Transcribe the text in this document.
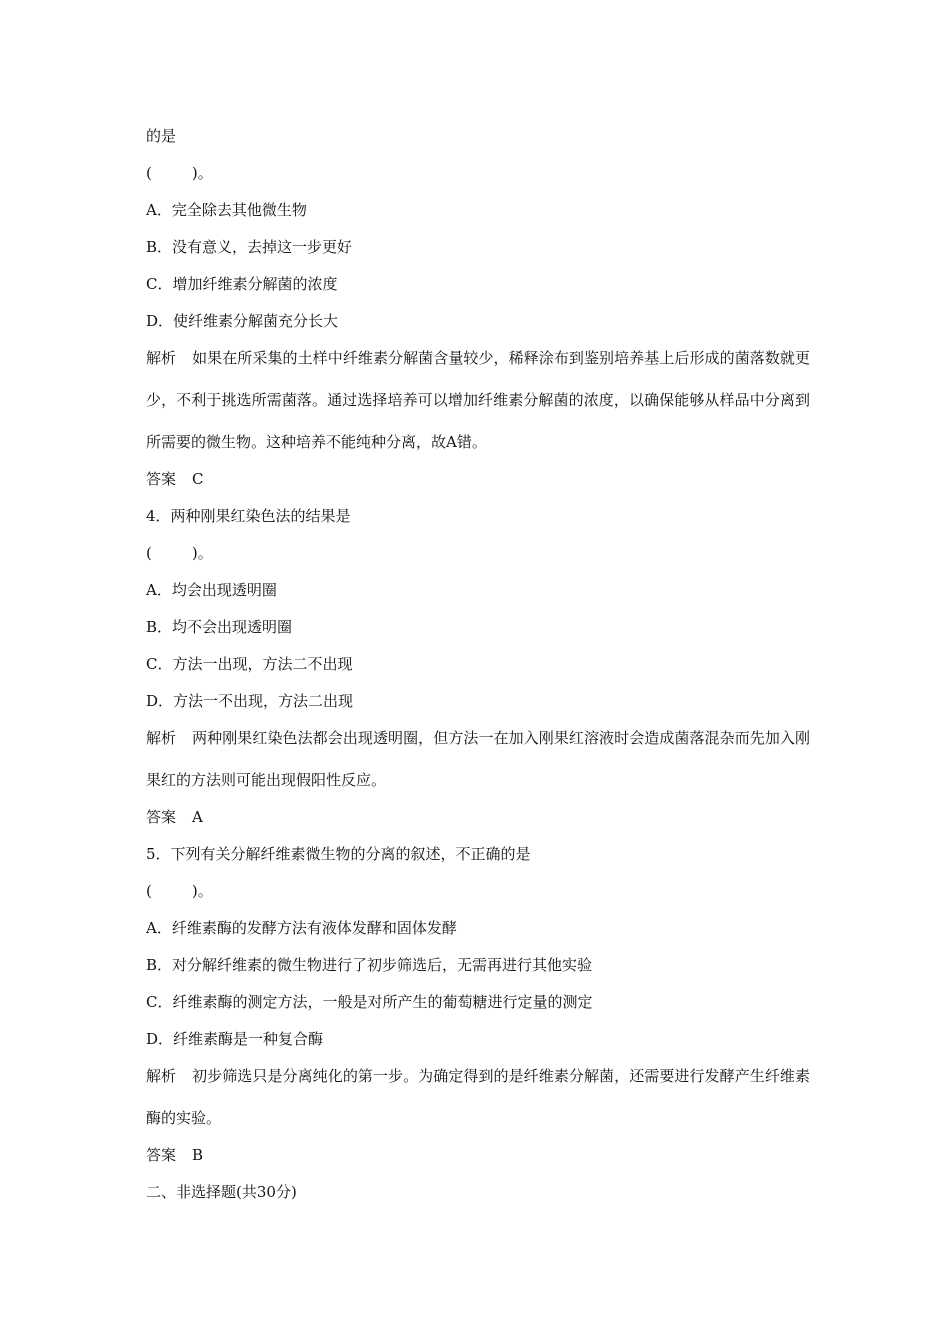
的是
(	)。
A．完全除去其他微生物
B．没有意义，去掉这一步更好
C．增加纤维素分解菌的浓度
D．使纤维素分解菌充分长大
解析 如果在所采集的土样中纤维素分解菌含量较少，稀释涂布到鉴别培养基上后形成的菌落数就更少，不利于挑选所需菌落。通过选择培养可以增加纤维素分解菌的浓度，以确保能够从样品中分离到所需要的微生物。这种培养不能纯种分离，故A错。
答案 C
4．两种刚果红染色法的结果是
(	)。
A．均会出现透明圈
B．均不会出现透明圈
C．方法一出现，方法二不出现
D．方法一不出现，方法二出现
解析 两种刚果红染色法都会出现透明圈，但方法一在加入刚果红溶液时会造成菌落混杂而先加入刚果红的方法则可能出现假阳性反应。
答案 A
5．下列有关分解纤维素微生物的分离的叙述，不正确的是
(	)。
A．纤维素酶的发酵方法有液体发酵和固体发酵
B．对分解纤维素的微生物进行了初步筛选后，无需再进行其他实验
C．纤维素酶的测定方法，一般是对所产生的葡萄糖进行定量的测定
D．纤维素酶是一种复合酶
解析 初步筛选只是分离纯化的第一步。为确定得到的是纤维素分解菌，还需要进行发酵产生纤维素酶的实验。
答案 B
二、非选择题(共30分)
